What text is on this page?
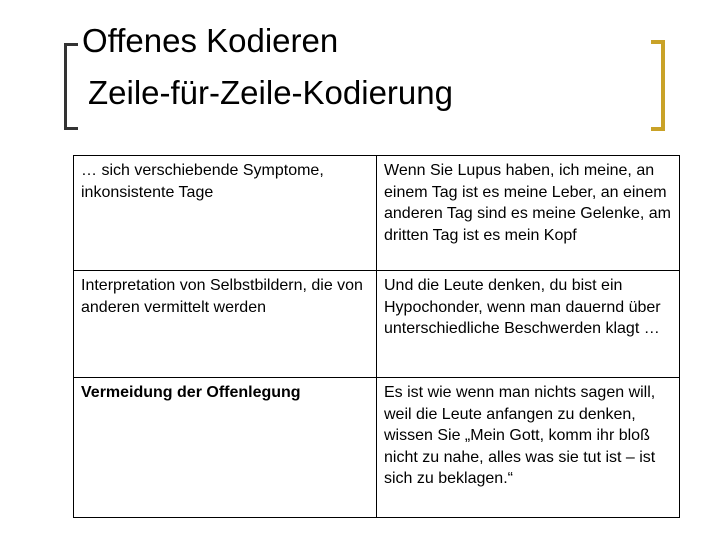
Offenes Kodieren
Zeile-für-Zeile-Kodierung
… sich verschiebende Symptome, inkonsistente Tage	Wenn Sie Lupus haben, ich meine, an einem Tag ist es meine Leber, an einem anderen Tag sind es meine Gelenke, am dritten Tag ist es mein Kopf
Interpretation von Selbstbildern, die von anderen vermittelt werden	Und die Leute denken, du bist ein Hypochonder, wenn man dauernd über unterschiedliche Beschwerden klagt …
Vermeidung der Offenlegung	Es ist wie wenn man nichts sagen will, weil die Leute anfangen zu denken, wissen Sie „Mein Gott, komm ihr bloß nicht zu nahe, alles was sie tut ist – ist sich zu beklagen.“
